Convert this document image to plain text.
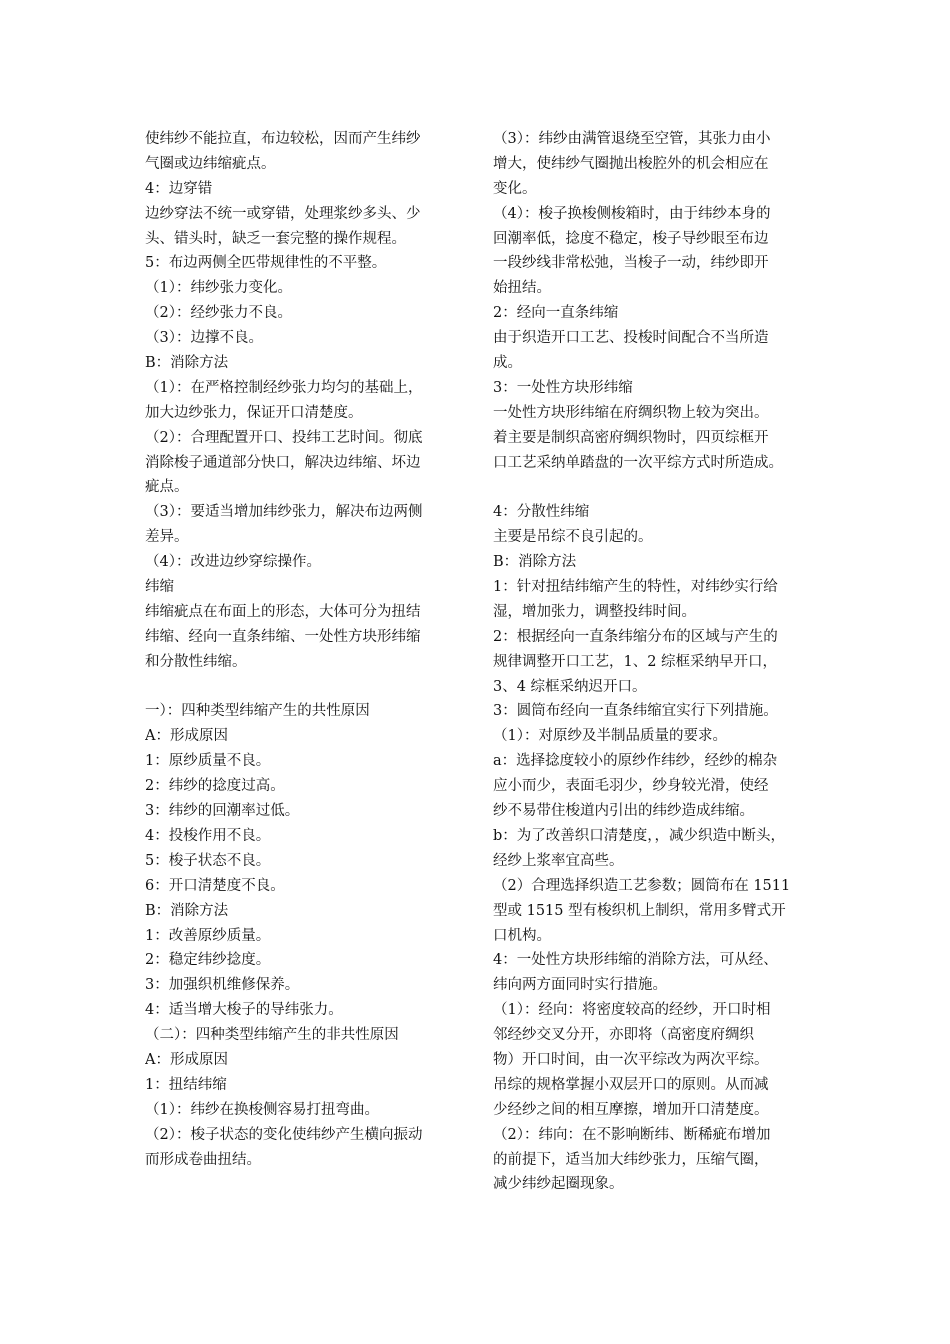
使纬纱不能拉直，布边较松，因而产生纬纱
气圈或边纬缩疵点。
4：边穿错
边纱穿法不统一或穿错，处理浆纱多头、少
头、错头时，缺乏一套完整的操作规程。
5：布边两侧全匹带规律性的不平整。
（1）：纬纱张力变化。
（2）：经纱张力不良。
（3）：边撑不良。
B：消除方法
（1）：在严格控制经纱张力均匀的基础上，
加大边纱张力，保证开口清楚度。
（2）：合理配置开口、投纬工艺时间。彻底
消除梭子通道部分快口，解决边纬缩、坏边
疵点。
（3）：要适当增加纬纱张力，解决布边两侧
差异。
（4）：改进边纱穿综操作。
纬缩
纬缩疵点在布面上的形态，大体可分为扭结
纬缩、经向一直条纬缩、一处性方块形纬缩
和分散性纬缩。
一）：四种类型纬缩产生的共性原因
A：形成原因
1：原纱质量不良。
2：纬纱的捻度过高。
3：纬纱的回潮率过低。
4：投梭作用不良。
5：梭子状态不良。
6：开口清楚度不良。
B：消除方法
1：改善原纱质量。
2：稳定纬纱捻度。
3：加强织机维修保养。
4：适当增大梭子的导纬张力。
（二）：四种类型纬缩产生的非共性原因
A：形成原因
1：扭结纬缩
（1）：纬纱在换梭侧容易打扭弯曲。
（2）：梭子状态的变化使纬纱产生横向振动
而形成卷曲扭结。
（3）：纬纱由满管退绕至空管，其张力由小
增大，使纬纱气圈抛出梭腔外的机会相应在
变化。
（4）：梭子换梭侧梭箱时，由于纬纱本身的
回潮率低，捻度不稳定，梭子导纱眼至布边
一段纱线非常松弛，当梭子一动，纬纱即开
始扭结。
2：经向一直条纬缩
由于织造开口工艺、投梭时间配合不当所造
成。
3：一处性方块形纬缩
一处性方块形纬缩在府绸织物上较为突出。
着主要是制织高密府绸织物时，四页综框开
口工艺采纳单踏盘的一次平综方式时所造成。
4：分散性纬缩
主要是吊综不良引起的。
B：消除方法
1：针对扭结纬缩产生的特性，对纬纱实行给
湿，增加张力，调整投纬时间。
2：根据经向一直条纬缩分布的区域与产生的
规律调整开口工艺，1、2 综框采纳早开口，
3、4 综框采纳迟开口。
3：圆筒布经向一直条纬缩宜实行下列措施。
（1）：对原纱及半制品质量的要求。
a：选择捻度较小的原纱作纬纱，经纱的棉杂
应小而少，表面毛羽少，纱身较光滑，使经
纱不易带住梭道内引出的纬纱造成纬缩。
b：为了改善织口清楚度，，减少织造中断头，
经纱上浆率宜高些。
（2）合理选择织造工艺参数；圆筒布在 1511
型或 1515 型有梭织机上制织，常用多臂式开
口机构。
4：一处性方块形纬缩的消除方法，可从经、
纬向两方面同时实行措施。
（1）：经向：将密度较高的经纱，开口时相
邻经纱交叉分开，亦即将（高密度府绸织
物）开口时间，由一次平综改为两次平综。
吊综的规格掌握小双层开口的原则。从而减
少经纱之间的相互摩擦，增加开口清楚度。
（2）：纬向：在不影响断纬、断稀疵布增加
的前提下，适当加大纬纱张力，压缩气圈，
减少纬纱起圈现象。
